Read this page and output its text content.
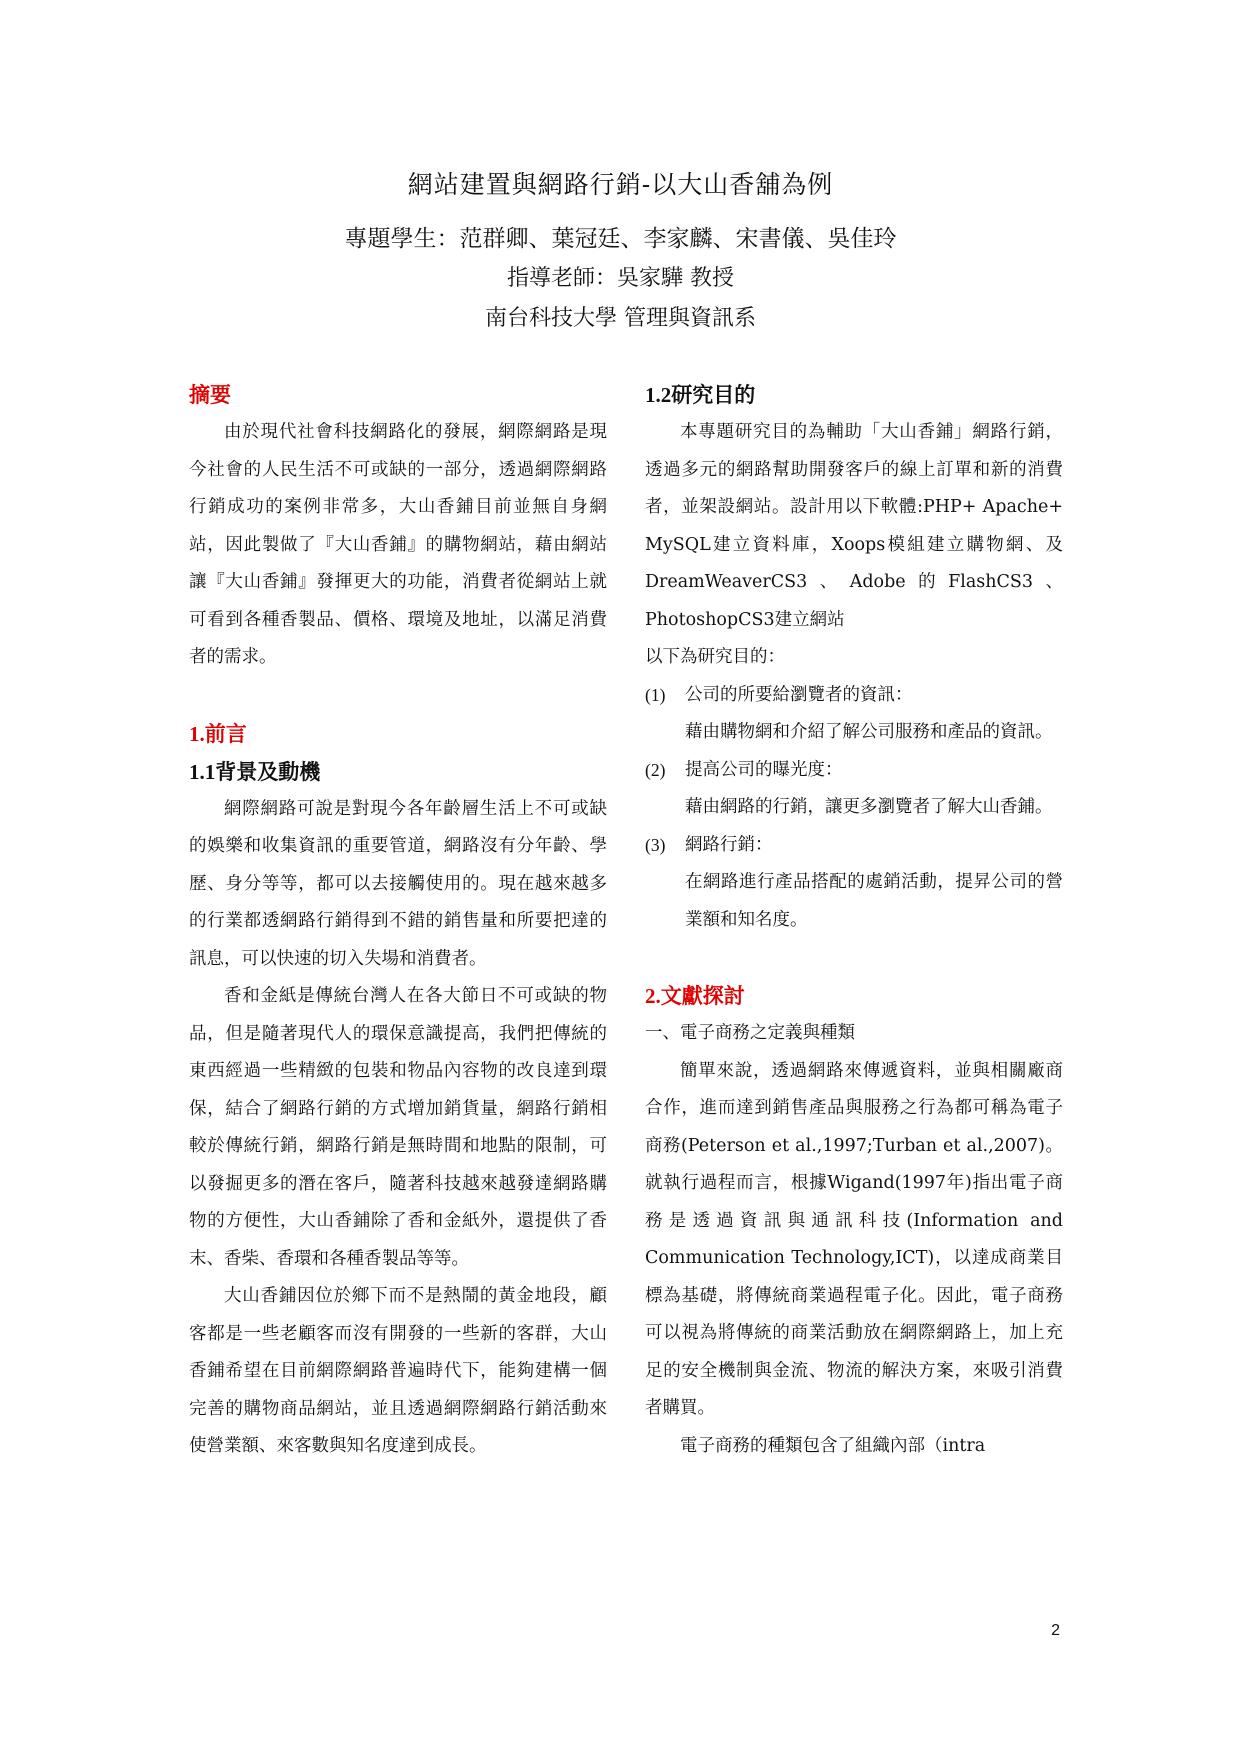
網站建置與網路行銷-以大山香舖為例

專題學生：范群卿、葉冠廷、李家麟、宋書儀、吳佳玲

指導老師：吳家驊 教授

南台科技大學 管理與資訊系

摘要

由於現代社會科技網路化的發展，網際網路是現今社會的人民生活不可或缺的一部分，透過網際網路行銷成功的案例非常多，大山香鋪目前並無自身網站，因此製做了『大山香鋪』的購物網站，藉由網站讓『大山香鋪』發揮更大的功能，消費者從網站上就可看到各種香製品、價格、環境及地址，以滿足消費者的需求。

1.前言
1.1背景及動機

網際網路可說是對現今各年齡層生活上不可或缺的娛樂和收集資訊的重要管道，網路沒有分年齡、學歷、身分等等，都可以去接觸使用的。現在越來越多的行業都透網路行銷得到不錯的銷售量和所要把達的訊息，可以快速的切入失場和消費者。

香和金紙是傳統台灣人在各大節日不可或缺的物品，但是隨著現代人的環保意識提高，我們把傳統的東西經過一些精緻的包裝和物品內容物的改良達到環保，結合了網路行銷的方式增加銷貨量，網路行銷相較於傳統行銷，網路行銷是無時間和地點的限制，可以發掘更多的潛在客戶，隨著科技越來越發達網路購物的方便性，大山香鋪除了香和金紙外，還提供了香末、香柴、香環和各種香製品等等。

大山香鋪因位於鄉下而不是熱鬧的黃金地段，顧客都是一些老顧客而沒有開發的一些新的客群，大山香鋪希望在目前網際網路普遍時代下，能夠建構一個完善的購物商品網站，並且透過網際網路行銷活動來使營業額、來客數與知名度達到成長。

1.2研究目的

本專題研究目的為輔助「大山香鋪」網路行銷，透過多元的網路幫助開發客戶的線上訂單和新的消費者，並架設網站。設計用以下軟體:PHP+ Apache+ MySQL建立資料庫，Xoops模組建立購物網、及DreamWeaverCS3、Adobe的FlashCS3、PhotoshopCS3建立網站

以下為研究目的：

(1)	公司的所要給瀏覽者的資訊：

藉由購物網和介紹了解公司服務和產品的資訊。

(2)	提高公司的曝光度：

藉由網路的行銷，讓更多瀏覽者了解大山香鋪。

(3)	網路行銷：

在網路進行產品搭配的處銷活動，提昇公司的營業額和知名度。

2.文獻探討

一、電子商務之定義與種類

簡單來說，透過網路來傳遞資料，並與相關廠商合作，進而達到銷售產品與服務之行為都可稱為電子商務(Peterson et al.,1997;Turban et al.,2007)。就執行過程而言，根據Wigand(1997年)指出電子商務是透過資訊與通訊科技(Information and Communication Technology,ICT)，以達成商業目標為基礎，將傳統商業過程電子化。因此，電子商務可以視為將傳統的商業活動放在網際網路上，加上充足的安全機制與金流、物流的解決方案，來吸引消費者購買。

電子商務的種類包含了組織內部（intra

2
